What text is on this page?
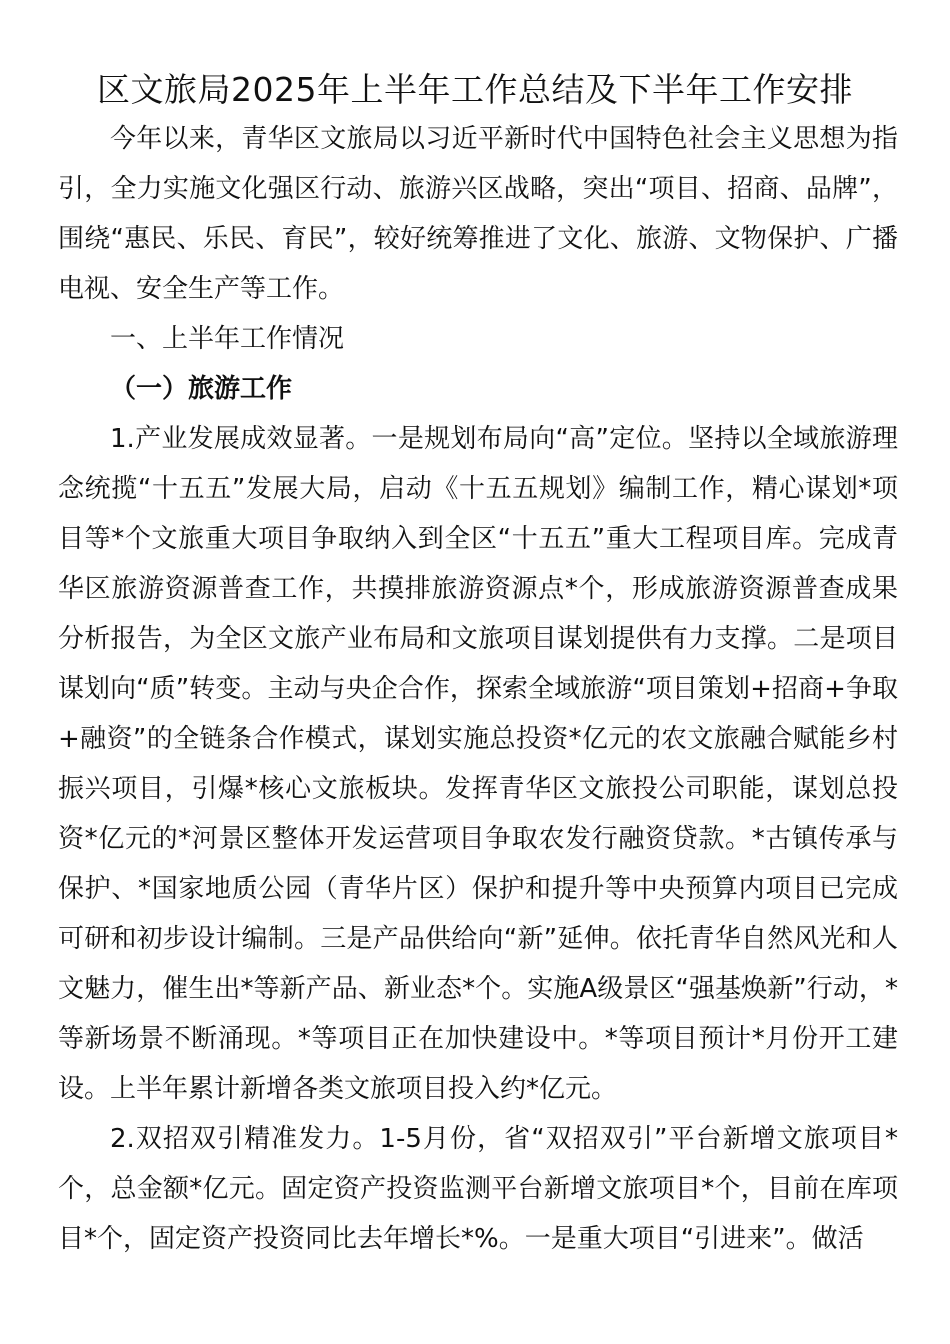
区文旅局2025年上半年工作总结及下半年工作安排

今年以来，青华区文旅局以习近平新时代中国特色社会主义思想为指引，全力实施文化强区行动、旅游兴区战略，突出“项目、招商、品牌”，围绕“惠民、乐民、育民”，较好统筹推进了文化、旅游、文物保护、广播电视、安全生产等工作。

一、上半年工作情况

（一）旅游工作

1.产业发展成效显著。一是规划布局向“高”定位。坚持以全域旅游理念统揽“十五五”发展大局，启动《十五五规划》编制工作，精心谋划*项目等*个文旅重大项目争取纳入到全区“十五五”重大工程项目库。完成青华区旅游资源普查工作，共摸排旅游资源点*个，形成旅游资源普查成果分析报告，为全区文旅产业布局和文旅项目谋划提供有力支撑。二是项目谋划向“质”转变。主动与央企合作，探索全域旅游“项目策划+招商+争取+融资”的全链条合作模式，谋划实施总投资*亿元的农文旅融合赋能乡村振兴项目，引爆*核心文旅板块。发挥青华区文旅投公司职能，谋划总投资*亿元的*河景区整体开发运营项目争取农发行融资贷款。*古镇传承与保护、*国家地质公园（青华片区）保护和提升等中央预算内项目已完成可研和初步设计编制。三是产品供给向“新”延伸。依托青华自然风光和人文魅力，催生出*等新产品、新业态*个。实施A级景区“强基焕新”行动，*等新场景不断涌现。*等项目正在加快建设中。*等项目预计*月份开工建设。上半年累计新增各类文旅项目投入约*亿元。

2.双招双引精准发力。1-5月份，省“双招双引”平台新增文旅项目*个，总金额*亿元。固定资产投资监测平台新增文旅项目*个，目前在库项目*个，固定资产投资同比去年增长*%。一是重大项目“引进来”。做活
